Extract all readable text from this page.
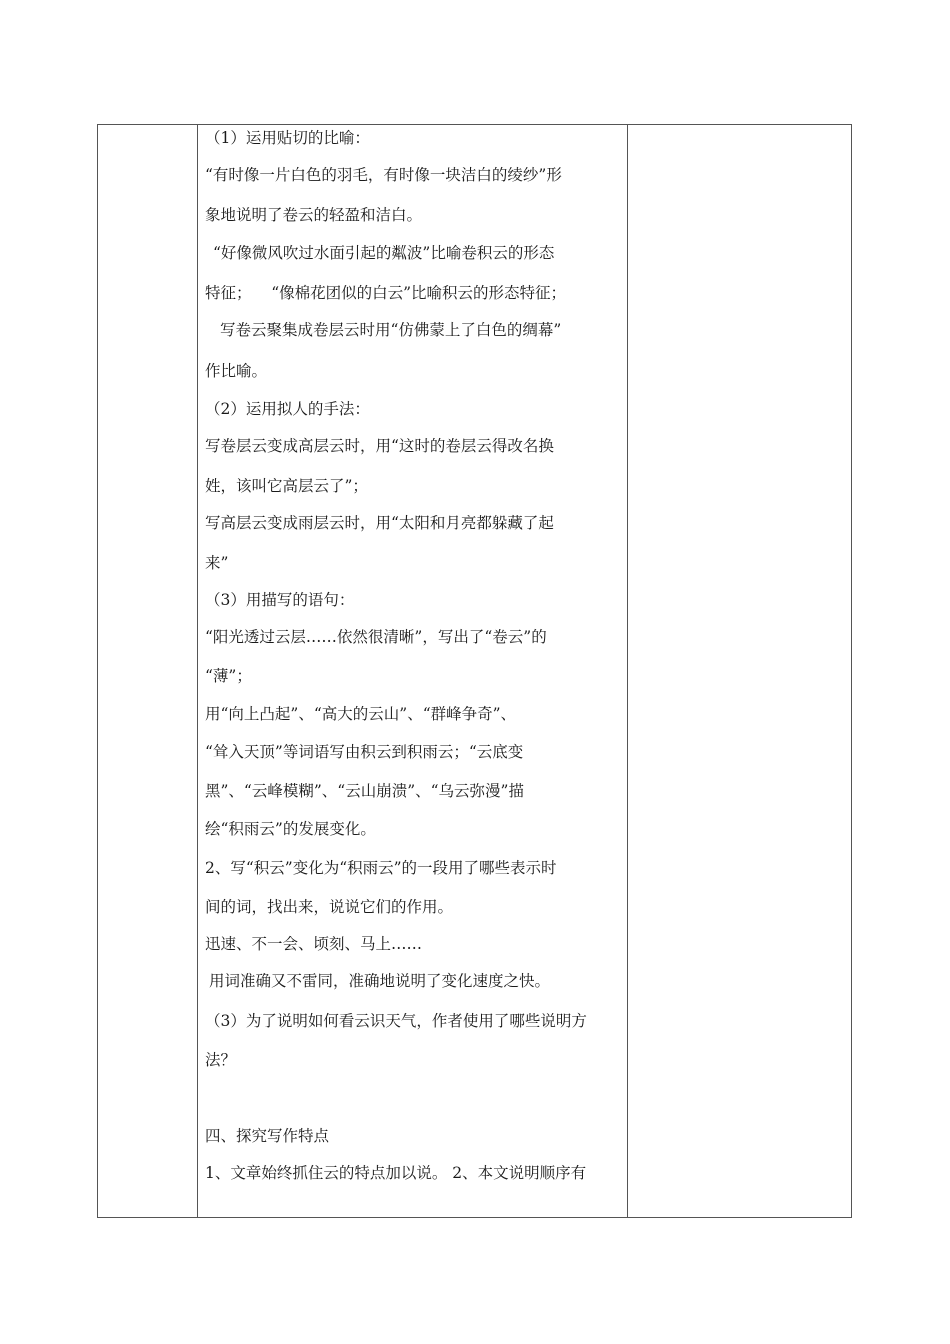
（1）运用贴切的比喻：
“有时像一片白色的羽毛，有时像一块洁白的绫纱”形
象地说明了卷云的轻盈和洁白。
“好像微风吹过水面引起的粼波”比喻卷积云的形态
特征；    “像棉花团似的白云”比喻积云的形态特征；
写卷云聚集成卷层云时用“仿佛蒙上了白色的绸幕”
作比喻。
（2）运用拟人的手法：
写卷层云变成高层云时，用“这时的卷层云得改名换
姓，该叫它高层云了”；
写高层云变成雨层云时，用“太阳和月亮都躲藏了起
来”
（3）用描写的语句：
“阳光透过云层……依然很清晰”，写出了“卷云”的
“薄”；
用“向上凸起”、“高大的云山”、“群峰争奇”、
“耸入天顶”等词语写由积云到积雨云；“云底变
黑”、“云峰模糊”、“云山崩溃”、“乌云弥漫”描
绘“积雨云”的发展变化。
2、写“积云”变化为“积雨云”的一段用了哪些表示时
间的词，找出来，说说它们的作用。
迅速、不一会、顷刻、马上……
用词准确又不雷同，准确地说明了变化速度之快。
（3）为了说明如何看云识天气，作者使用了哪些说明方
法？
四、探究写作特点
1、文章始终抓住云的特点加以说。 2、本文说明顺序有
